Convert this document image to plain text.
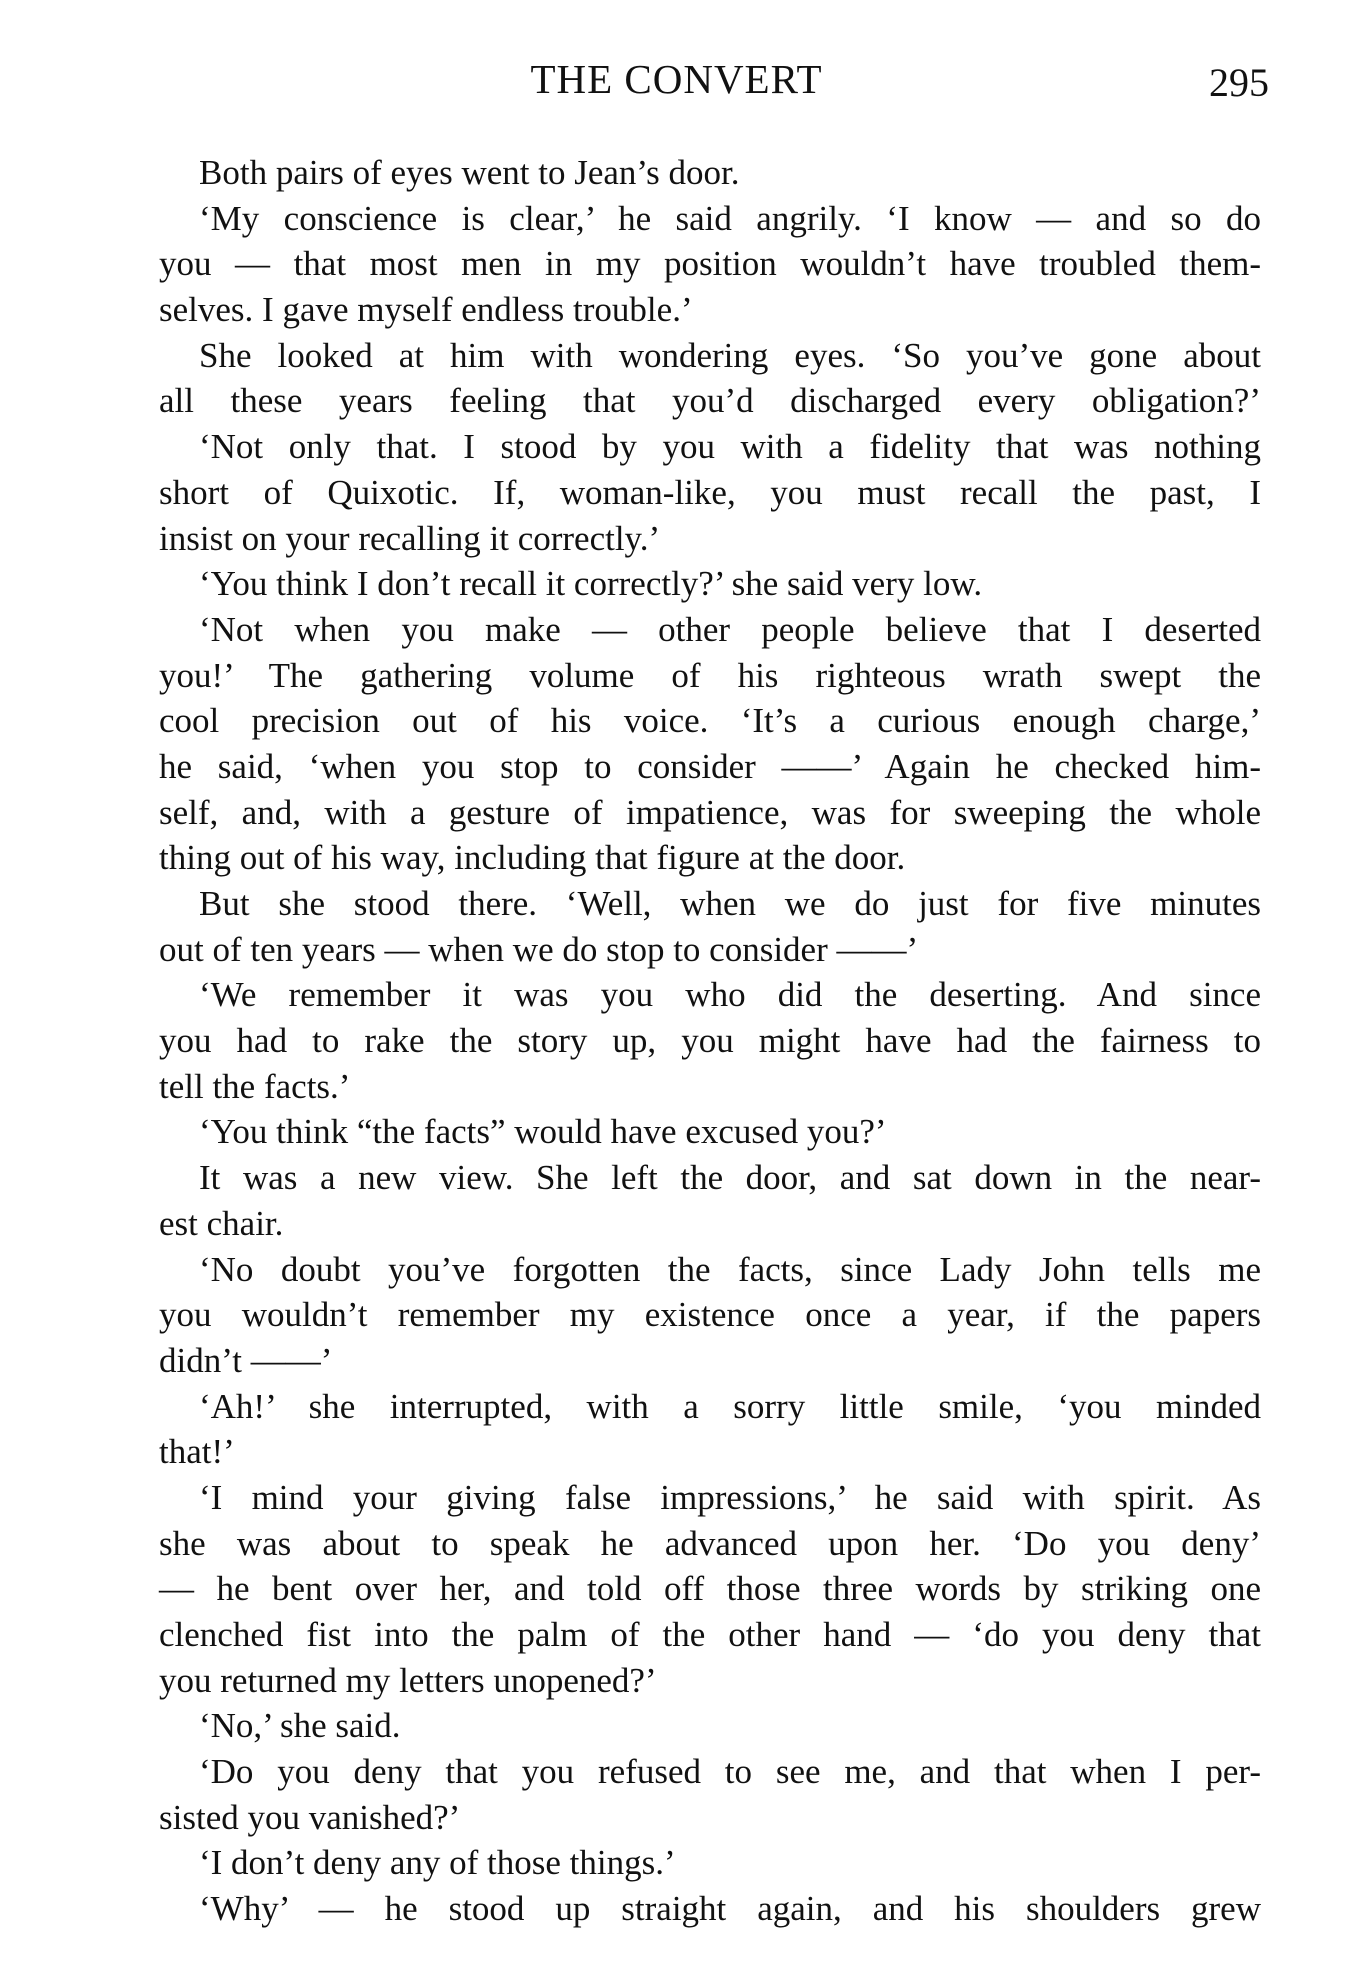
THE CONVERT	295
Both pairs of eyes went to Jean’s door.
‘My conscience is clear,’ he said angrily. ‘I know — and so do
you — that most men in my position wouldn’t have troubled them-
selves. I gave myself endless trouble.’
She looked at him with wondering eyes. ‘So you’ve gone about
all these years feeling that you’d discharged every obligation?’
‘Not only that. I stood by you with a fidelity that was nothing
short of Quixotic. If, woman-like, you must recall the past, I
insist on your recalling it correctly.’
‘You think I don’t recall it correctly?’ she said very low.
‘Not when you make — other people believe that I deserted
you!’ The gathering volume of his righteous wrath swept the
cool precision out of his voice. ‘It’s a curious enough charge,’
he said, ‘when you stop to consider ——’ Again he checked him-
self, and, with a gesture of impatience, was for sweeping the whole
thing out of his way, including that figure at the door.
But she stood there. ‘Well, when we do just for five minutes
out of ten years — when we do stop to consider ——’
‘We remember it was you who did the deserting. And since
you had to rake the story up, you might have had the fairness to
tell the facts.’
‘You think “the facts” would have excused you?’
It was a new view. She left the door, and sat down in the near-
est chair.
‘No doubt you’ve forgotten the facts, since Lady John tells me
you wouldn’t remember my existence once a year, if the papers
didn’t ——’
‘Ah!’ she interrupted, with a sorry little smile, ‘you minded
that!’
‘I mind your giving false impressions,’ he said with spirit. As
she was about to speak he advanced upon her. ‘Do you deny’
— he bent over her, and told off those three words by striking one
clenched fist into the palm of the other hand — ‘do you deny that
you returned my letters unopened?’
‘No,’ she said.
‘Do you deny that you refused to see me, and that when I per-
sisted you vanished?’
‘I don’t deny any of those things.’
‘Why’ — he stood up straight again, and his shoulders grew
